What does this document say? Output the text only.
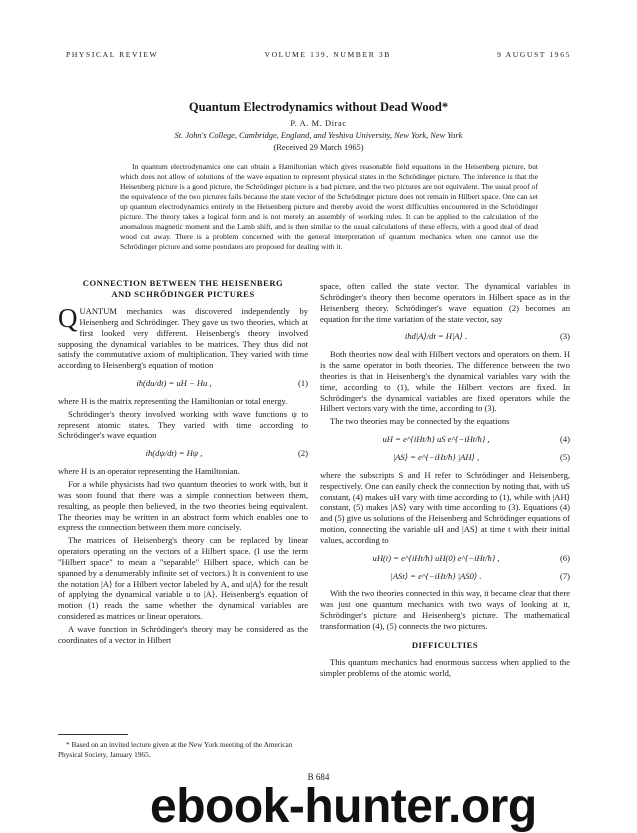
PHYSICAL REVIEW	VOLUME 139, NUMBER 3B	9 AUGUST 1965
Quantum Electrodynamics without Dead Wood*
P. A. M. Dirac
St. John's College, Cambridge, England, and Yeshiva University, New York, New York
(Received 29 March 1965)
In quantum electrodynamics one can obtain a Hamiltonian which gives reasonable field equations in the Heisenberg picture, but which does not allow of solutions of the wave equation to represent physical states in the Schrödinger picture. The inference is that the Heisenberg picture is a good picture, the Schrödinger picture is a bad picture, and the two pictures are not equivalent. The usual proof of the equivalence of the two pictures fails because the state vector of the Schrödinger picture does not remain in Hilbert space. One can set up quantum electrodynamics entirely in the Heisenberg picture and thereby avoid the worst difficulties encountered in the Schrödinger picture. The theory takes a logical form and is not merely an assembly of working rules. It can be applied to the calculation of the anomalous magnetic moment and the Lamb shift, and is then similar to the usual calculations of these effects, with a good deal of dead wood cut away. There is a problem concerned with the general interpretation of quantum mechanics when one cannot use the Schrödinger picture and some postulates are proposed for dealing with it.
CONNECTION BETWEEN THE HEISENBERG
AND SCHRÖDINGER PICTURES

QUANTUM mechanics was discovered independently by Heisenberg and Schrödinger. They gave us two theories, which at first looked very different. Heisenberg's theory involved supposing the dynamical variables to be matrices. They thus did not satisfy the commutative axiom of multiplication. They varied with time according to Heisenberg's equation of motion

iħ(du/dt) = uH − Hu ,	(1)

where H is the matrix representing the Hamiltonian or total energy.

Schrödinger's theory involved working with wave functions ψ to represent atomic states. They varied with time according to Schrödinger's wave equation

iħ(dψ/dt) = Hψ ,	(2)

where H is an operator representing the Hamiltonian.

For a while physicists had two quantum theories to work with, but it was soon found that there was a simple connection between them, resulting, as people then believed, in the two theories being equivalent. The theories may be written in an abstract form which enables one to express the connection between them more concisely.

The matrices of Heisenberg's theory can be replaced by linear operators operating on the vectors of a Hilbert space. (I use the term "Hilbert space" to mean a "separable" Hilbert space, which can be spanned by a denumerably infinite set of vectors.) It is convenient to use the notation |A⟩ for a Hilbert vector labeled by A, and u|A⟩ for the result of applying the dynamical variable u to |A⟩. Heisenberg's equation of motion (1) reads the same whether the dynamical variables are considered as matrices or linear operators.

A wave function in Schrödinger's theory may be considered as the coordinates of a vector in Hilbert

space, often called the state vector. The dynamical variables in Schrödinger's theory then become operators in Hilbert space as in the Heisenberg theory. Schrödinger's wave equation (2) becomes an equation for the time variation of the state vector, say

iħd|A⟩/dt = H|A⟩ .	(3)

Both theories now deal with Hilbert vectors and operators on them. H is the same operator in both theories. The difference between the two theories is that in Heisenberg's the dynamical variables vary with the time, according to (1), while the Hilbert vectors are fixed. In Schrödinger's the dynamical variables are fixed operators while the Hilbert vectors vary with the time, according to (3).

The two theories may be connected by the equations

uH = e^{iHt/ħ} uS e^{−iHt/ħ} ,	(4)
|AS⟩ = e^{−iHt/ħ} |AH⟩ ,	(5)

where the subscripts S and H refer to Schrödinger and Heisenberg, respectively. One can easily check the connection by noting that, with uS constant, (4) makes uH vary with time according to (1), while with |AH⟩ constant, (5) makes |AS⟩ vary with time according to (3). Equations (4) and (5) give us solutions of the Heisenberg and Schrödinger equations of motion, connecting the variable uH and |AS⟩ at time t with their initial values, according to

uH(t) = e^{iHt/ħ} uH(0) e^{−iHt/ħ} ,	(6)
|ASt⟩ = e^{−iHt/ħ} |AS0⟩ .	(7)

With the two theories connected in this way, it became clear that there was just one quantum mechanics with two ways of looking at it, Schrödinger's picture and Heisenberg's picture. The mathematical transformation (4), (5) connects the two pictures.

DIFFICULTIES

This quantum mechanics had enormous success when applied to the simpler problems of the atomic world,

* Based on an invited lecture given at the New York meeting of the American Physical Society, January 1965.
B 684
ebook-hunter.org
